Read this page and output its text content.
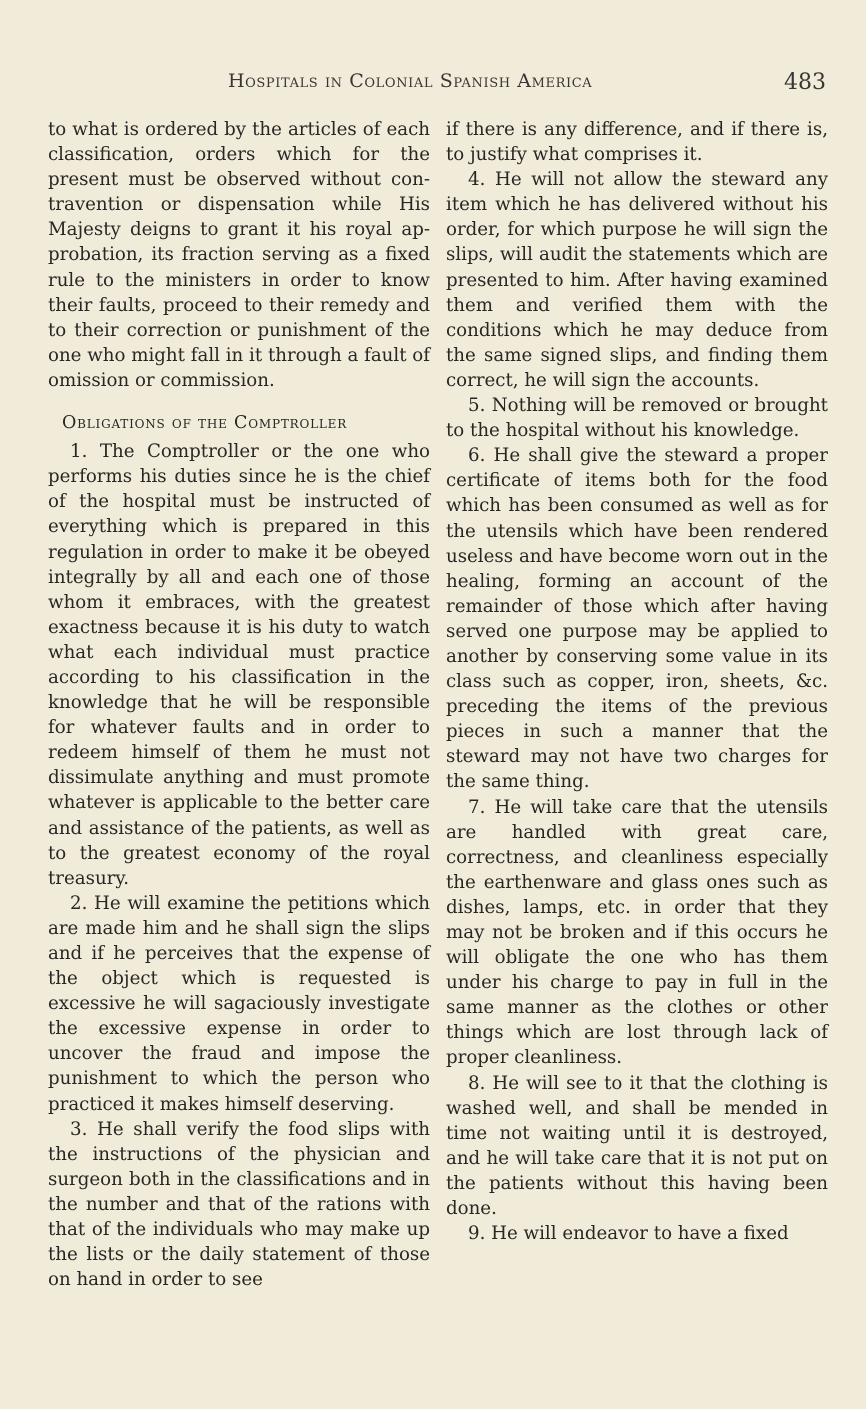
Hospitals in Colonial Spanish America	483

to what is ordered by the articles of each classification, orders which for the present must be observed without contravention or dispensation while His Majesty deigns to grant it his royal approbation, its fraction serving as a fixed rule to the ministers in order to know their faults, proceed to their remedy and to their correction or punishment of the one who might fall in it through a fault of omission or commission.

Obligations of the Comptroller

1. The Comptroller or the one who performs his duties since he is the chief of the hospital must be instructed of everything which is prepared in this regulation in order to make it be obeyed integrally by all and each one of those whom it embraces, with the greatest exactness because it is his duty to watch what each individual must practice according to his classification in the knowledge that he will be responsible for whatever faults and in order to redeem himself of them he must not dissimulate anything and must promote whatever is applicable to the better care and assistance of the patients, as well as to the greatest economy of the royal treasury.

2. He will examine the petitions which are made him and he shall sign the slips and if he perceives that the expense of the object which is requested is excessive he will sagaciously investigate the excessive expense in order to uncover the fraud and impose the punishment to which the person who practiced it makes himself deserving.

3. He shall verify the food slips with the instructions of the physician and surgeon both in the classifications and in the number and that of the rations with that of the individuals who may make up the lists or the daily statement of those on hand in order to see

if there is any difference, and if there is, to justify what comprises it.

4. He will not allow the steward any item which he has delivered without his order, for which purpose he will sign the slips, will audit the statements which are presented to him. After having examined them and verified them with the conditions which he may deduce from the same signed slips, and finding them correct, he will sign the accounts.

5. Nothing will be removed or brought to the hospital without his knowledge.

6. He shall give the steward a proper certificate of items both for the food which has been consumed as well as for the utensils which have been rendered useless and have become worn out in the healing, forming an account of the remainder of those which after having served one purpose may be applied to another by conserving some value in its class such as copper, iron, sheets, &c. preceding the items of the previous pieces in such a manner that the steward may not have two charges for the same thing.

7. He will take care that the utensils are handled with great care, correctness, and cleanliness especially the earthenware and glass ones such as dishes, lamps, etc. in order that they may not be broken and if this occurs he will obligate the one who has them under his charge to pay in full in the same manner as the clothes or other things which are lost through lack of proper cleanliness.

8. He will see to it that the clothing is washed well, and shall be mended in time not waiting until it is destroyed, and he will take care that it is not put on the patients without this having been done.

9. He will endeavor to have a fixed
